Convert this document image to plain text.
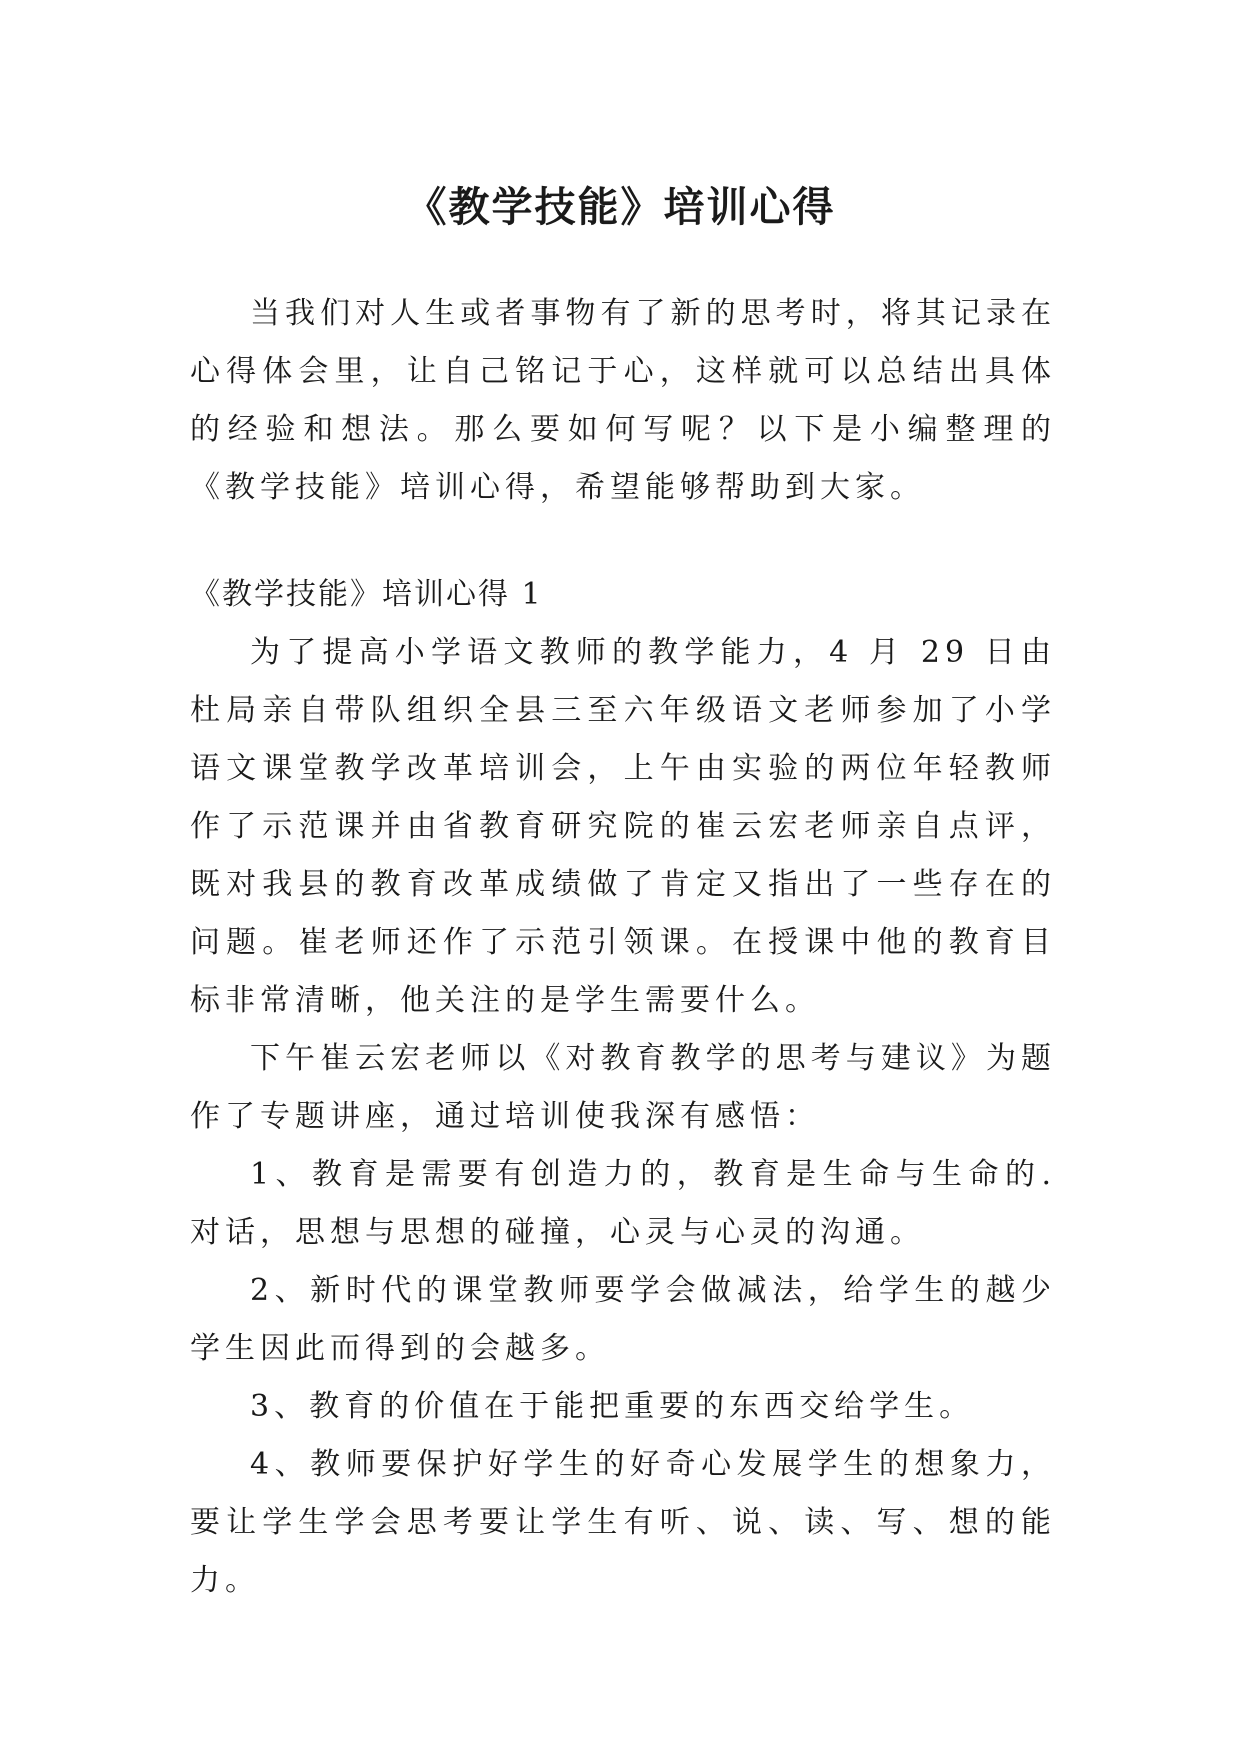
《教学技能》培训心得

当我们对人生或者事物有了新的思考时，将其记录在心得体会里，让自己铭记于心，这样就可以总结出具体的经验和想法。那么要如何写呢？以下是小编整理的《教学技能》培训心得，希望能够帮助到大家。

《教学技能》培训心得 1

为了提高小学语文教师的教学能力，4 月 29 日由杜局亲自带队组织全县三至六年级语文老师参加了小学语文课堂教学改革培训会，上午由实验的两位年轻教师作了示范课并由省教育研究院的崔云宏老师亲自点评，既对我县的教育改革成绩做了肯定又指出了一些存在的问题。崔老师还作了示范引领课。在授课中他的教育目标非常清晰，他关注的是学生需要什么。

下午崔云宏老师以《对教育教学的思考与建议》为题作了专题讲座，通过培训使我深有感悟：

1、教育是需要有创造力的，教育是生命与生命的.对话，思想与思想的碰撞，心灵与心灵的沟通。

2、新时代的课堂教师要学会做减法，给学生的越少学生因此而得到的会越多。

3、教育的价值在于能把重要的东西交给学生。

4、教师要保护好学生的好奇心发展学生的想象力，要让学生学会思考要让学生有听、说、读、写、想的能力。
